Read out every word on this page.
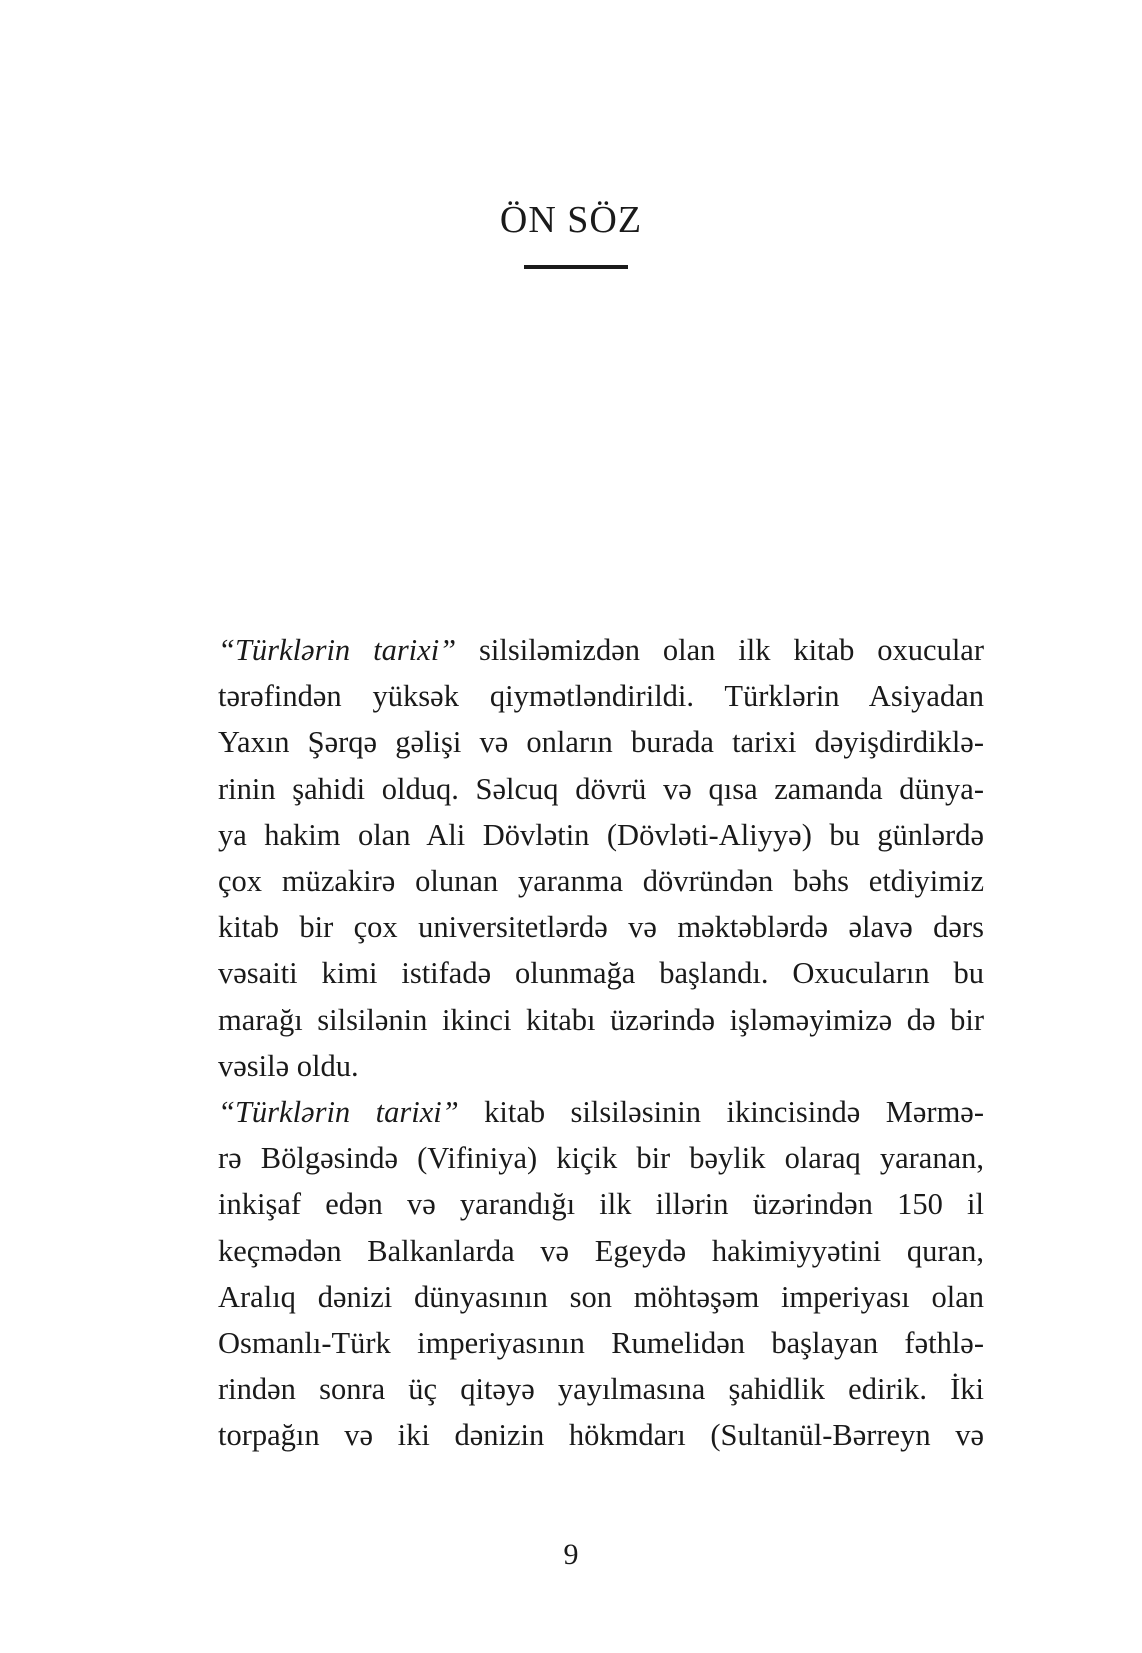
ÖN SÖZ

“Türklərin tarixi” silsiləmizdən olan ilk kitab oxucular
tərəfindən yüksək qiymətləndirildi. Türklərin Asiyadan
Yaxın Şərqə gəlişi və onların burada tarixi dəyişdirdiklə-
rinin şahidi olduq. Səlcuq dövrü və qısa zamanda dünya-
ya hakim olan Ali Dövlətin (Dövləti-Aliyyə) bu günlərdə
çox müzakirə olunan yaranma dövründən bəhs etdiyimiz
kitab bir çox universitetlərdə və məktəblərdə əlavə dərs
vəsaiti kimi istifadə olunmağa başlandı. Oxucuların bu
marağı silsilənin ikinci kitabı üzərində işləməyimizə də bir
vəsilə oldu.

“Türklərin tarixi” kitab silsiləsinin ikincisində Mərmə-
rə Bölgəsində (Vifiniya) kiçik bir bəylik olaraq yaranan,
inkişaf edən və yarandığı ilk illərin üzərindən 150 il
keçmədən Balkanlarda və Egeydə hakimiyyətini quran,
Aralıq dənizi dünyasının son möhtəşəm imperiyası olan
Osmanlı-Türk imperiyasının Rumelidən başlayan fəthlə-
rindən sonra üç qitəyə yayılmasına şahidlik edirik. İki
torpağın və iki dənizin hökmdarı (Sultanül-Bərreyn və

9
